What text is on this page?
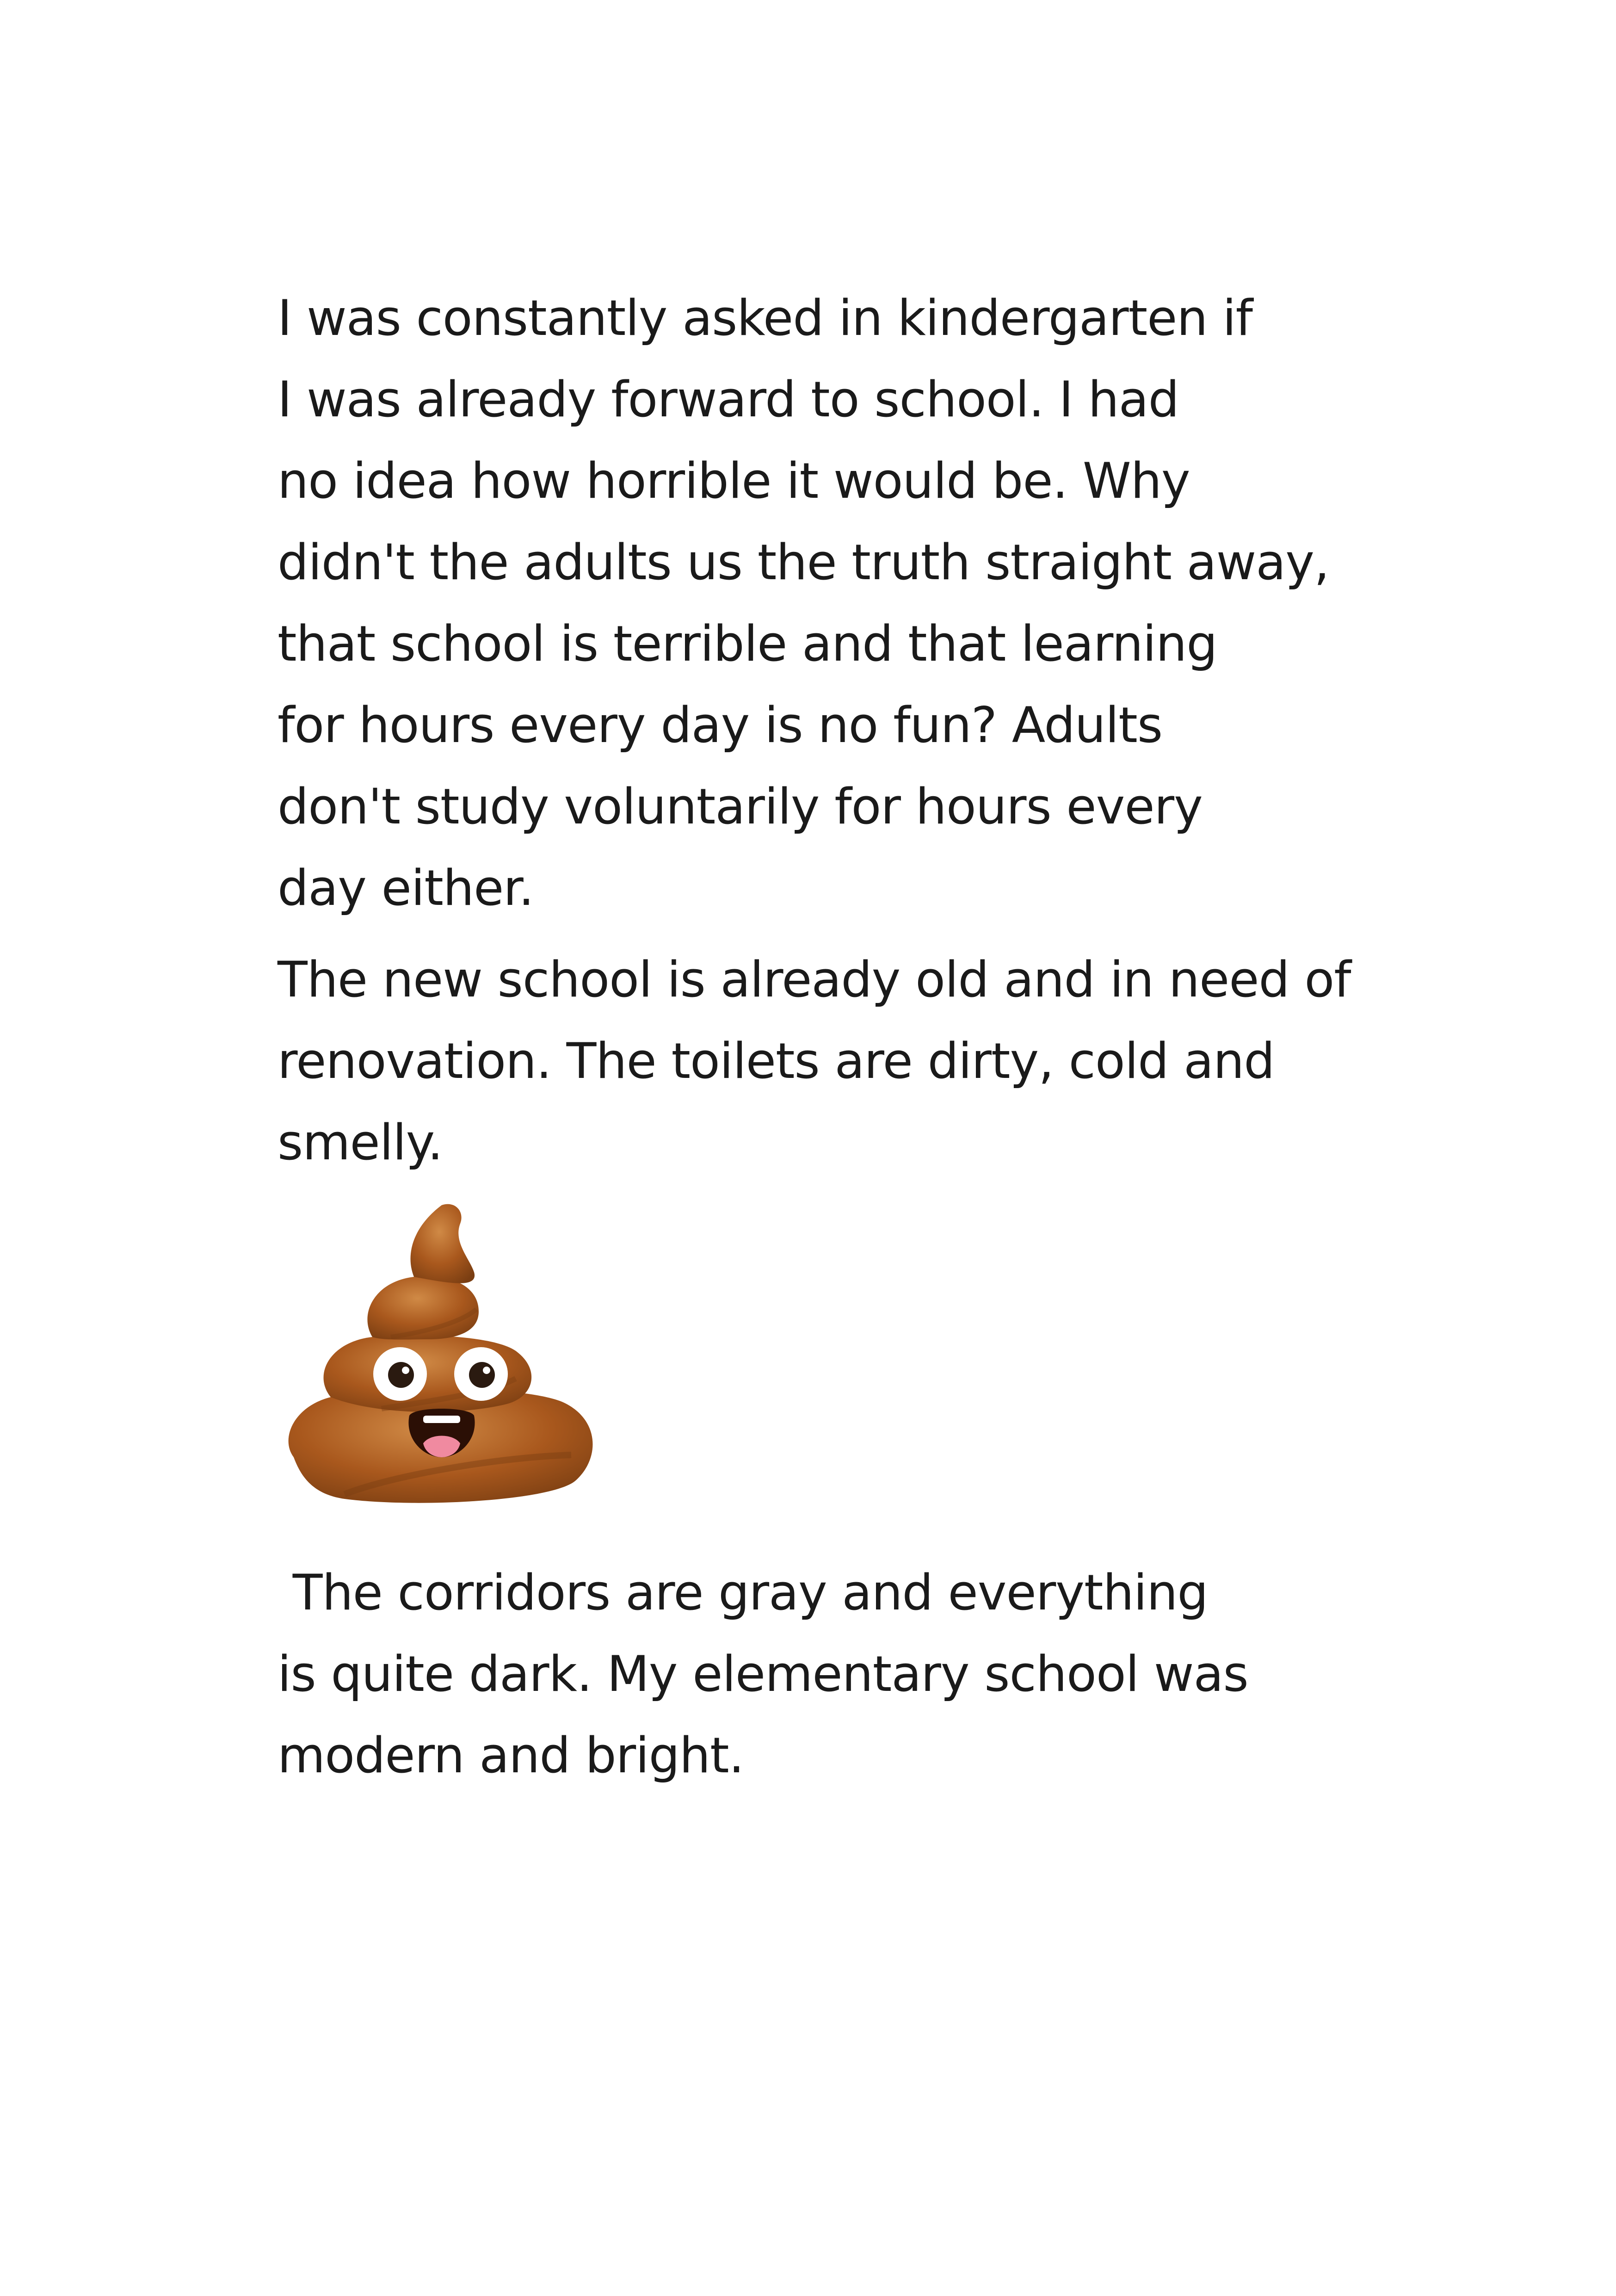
I was constantly asked in kindergarten if
I was already forward to school. I had
no idea how horrible it would be. Why
didn't the adults us the truth straight away,
that school is terrible and that learning
for hours every day is no fun? Adults
don't study voluntarily for hours every
day either.

The new school is already old and in need of
renovation. The toilets are dirty, cold and
smelly.

The corridors are gray and everything
is quite dark. My elementary school was
modern and bright.
